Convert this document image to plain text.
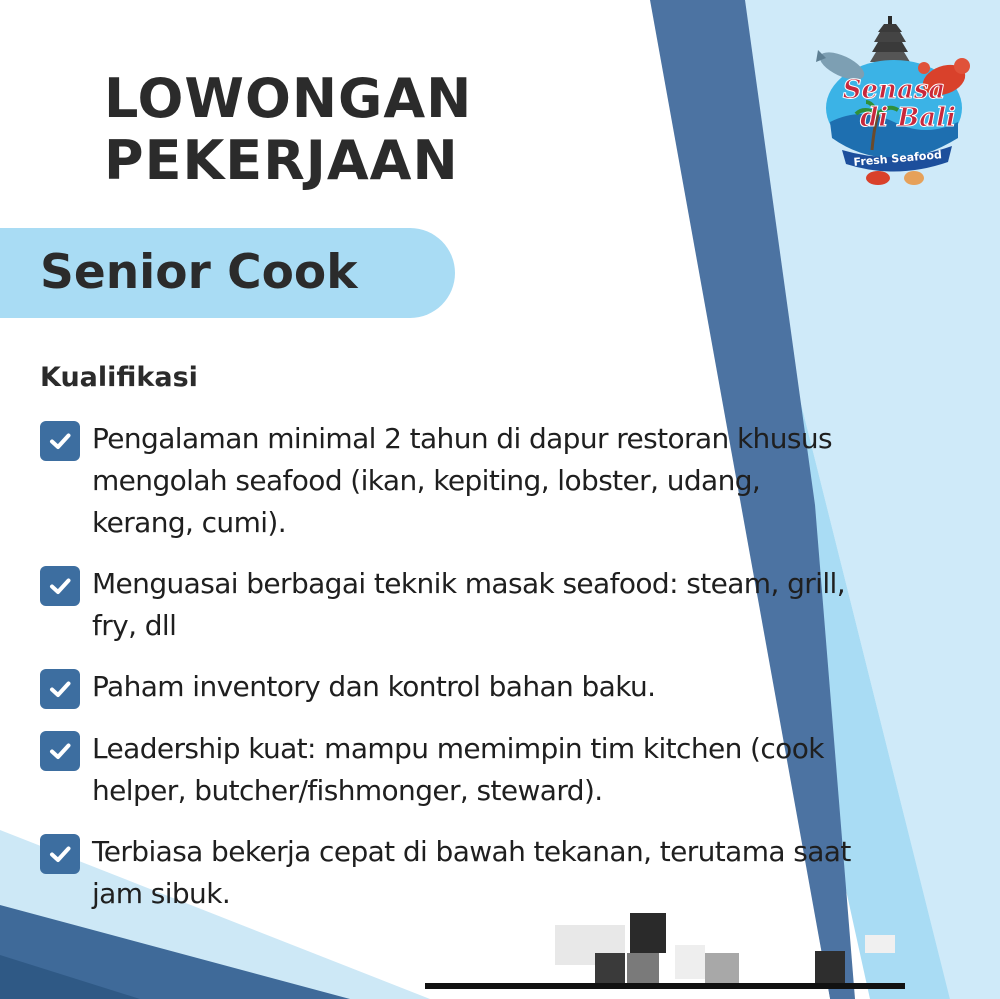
LOWONGAN
PEKERJAAN
Senior Cook
Kualifikasi
Pengalaman minimal 2 tahun di dapur restoran khusus mengolah seafood (ikan, kepiting, lobster, udang, kerang, cumi).
Menguasai berbagai teknik masak seafood: steam, grill, fry, dll
Paham inventory dan kontrol bahan baku.
Leadership kuat: mampu memimpin tim kitchen (cook helper, butcher/fishmonger, steward).
Terbiasa bekerja cepat di bawah tekanan, terutama saat jam sibuk.
Senasa
di Bali
Fresh Seafood
